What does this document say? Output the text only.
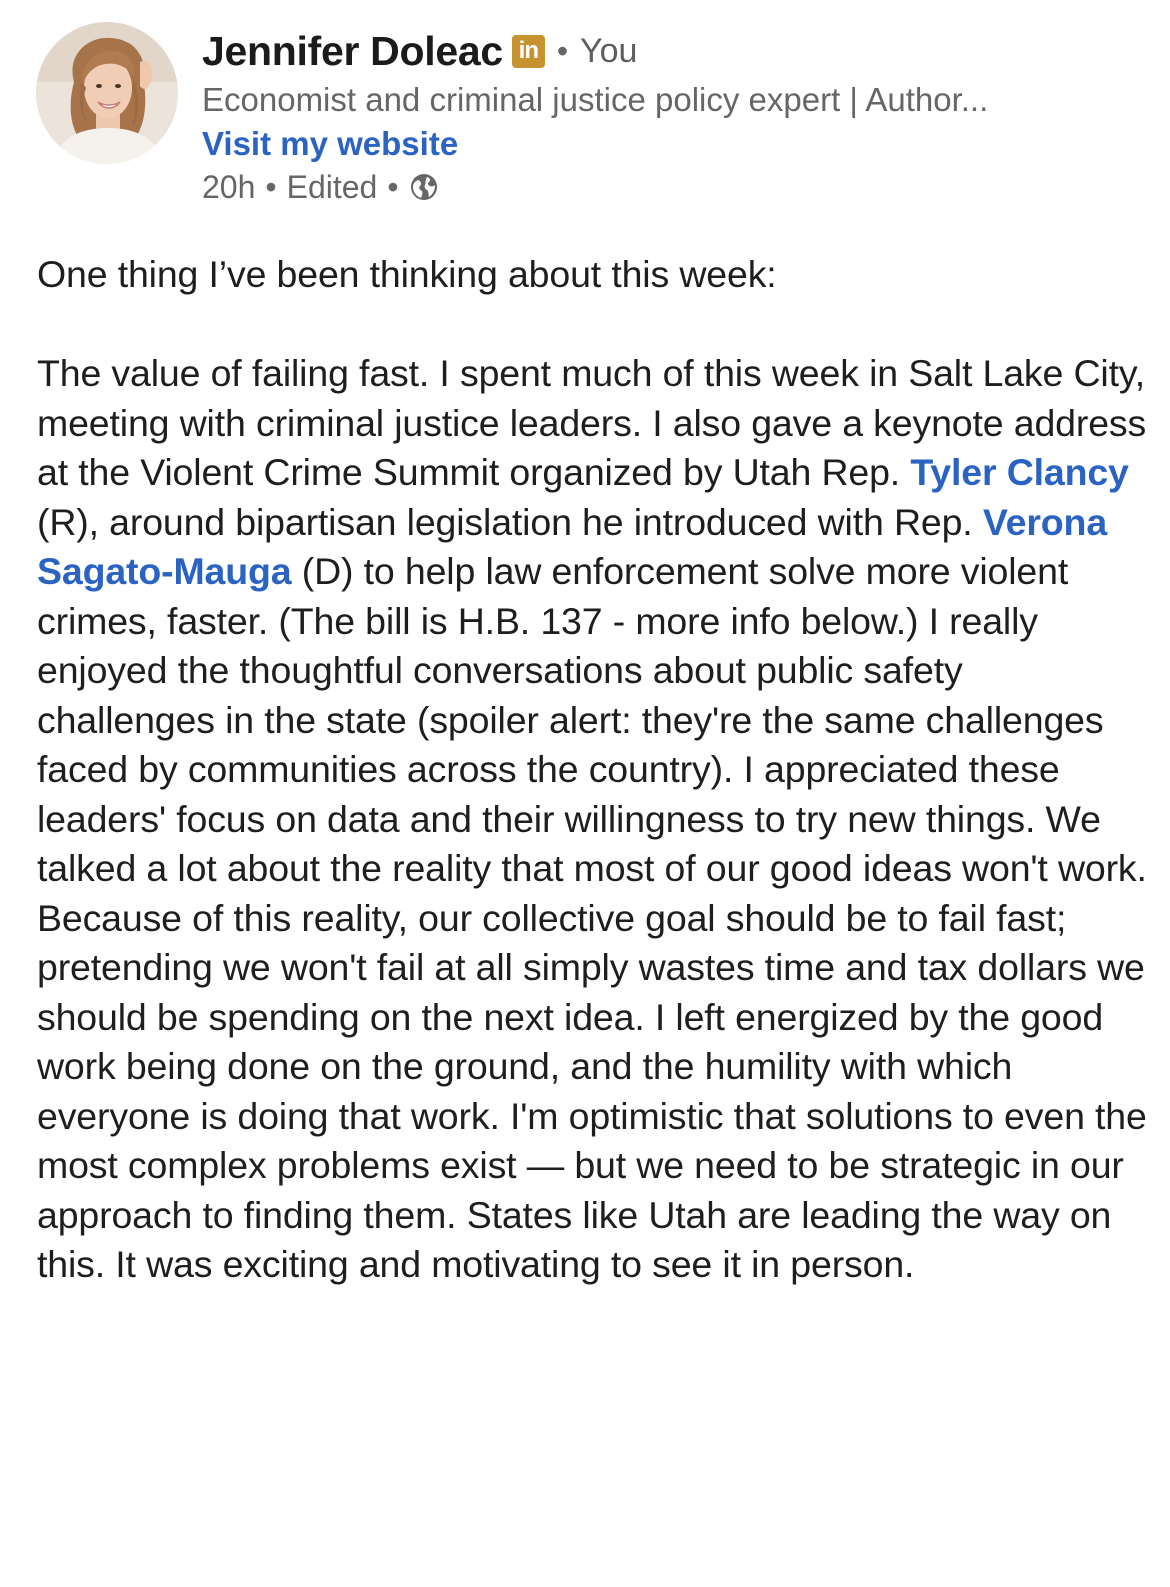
Jennifer Doleac in • You
Economist and criminal justice policy expert | Author...
Visit my website
20h • Edited •

One thing I’ve been thinking about this week:

The value of failing fast. I spent much of this week in Salt Lake City, meeting with criminal justice leaders. I also gave a keynote address at the Violent Crime Summit organized by Utah Rep. Tyler Clancy (R), around bipartisan legislation he introduced with Rep. Verona Sagato-Mauga (D) to help law enforcement solve more violent crimes, faster. (The bill is H.B. 137 - more info below.) I really enjoyed the thoughtful conversations about public safety challenges in the state (spoiler alert: they're the same challenges faced by communities across the country). I appreciated these leaders' focus on data and their willingness to try new things. We talked a lot about the reality that most of our good ideas won't work. Because of this reality, our collective goal should be to fail fast; pretending we won't fail at all simply wastes time and tax dollars we should be spending on the next idea. I left energized by the good work being done on the ground, and the humility with which everyone is doing that work. I'm optimistic that solutions to even the most complex problems exist — but we need to be strategic in our approach to finding them. States like Utah are leading the way on this. It was exciting and motivating to see it in person.
